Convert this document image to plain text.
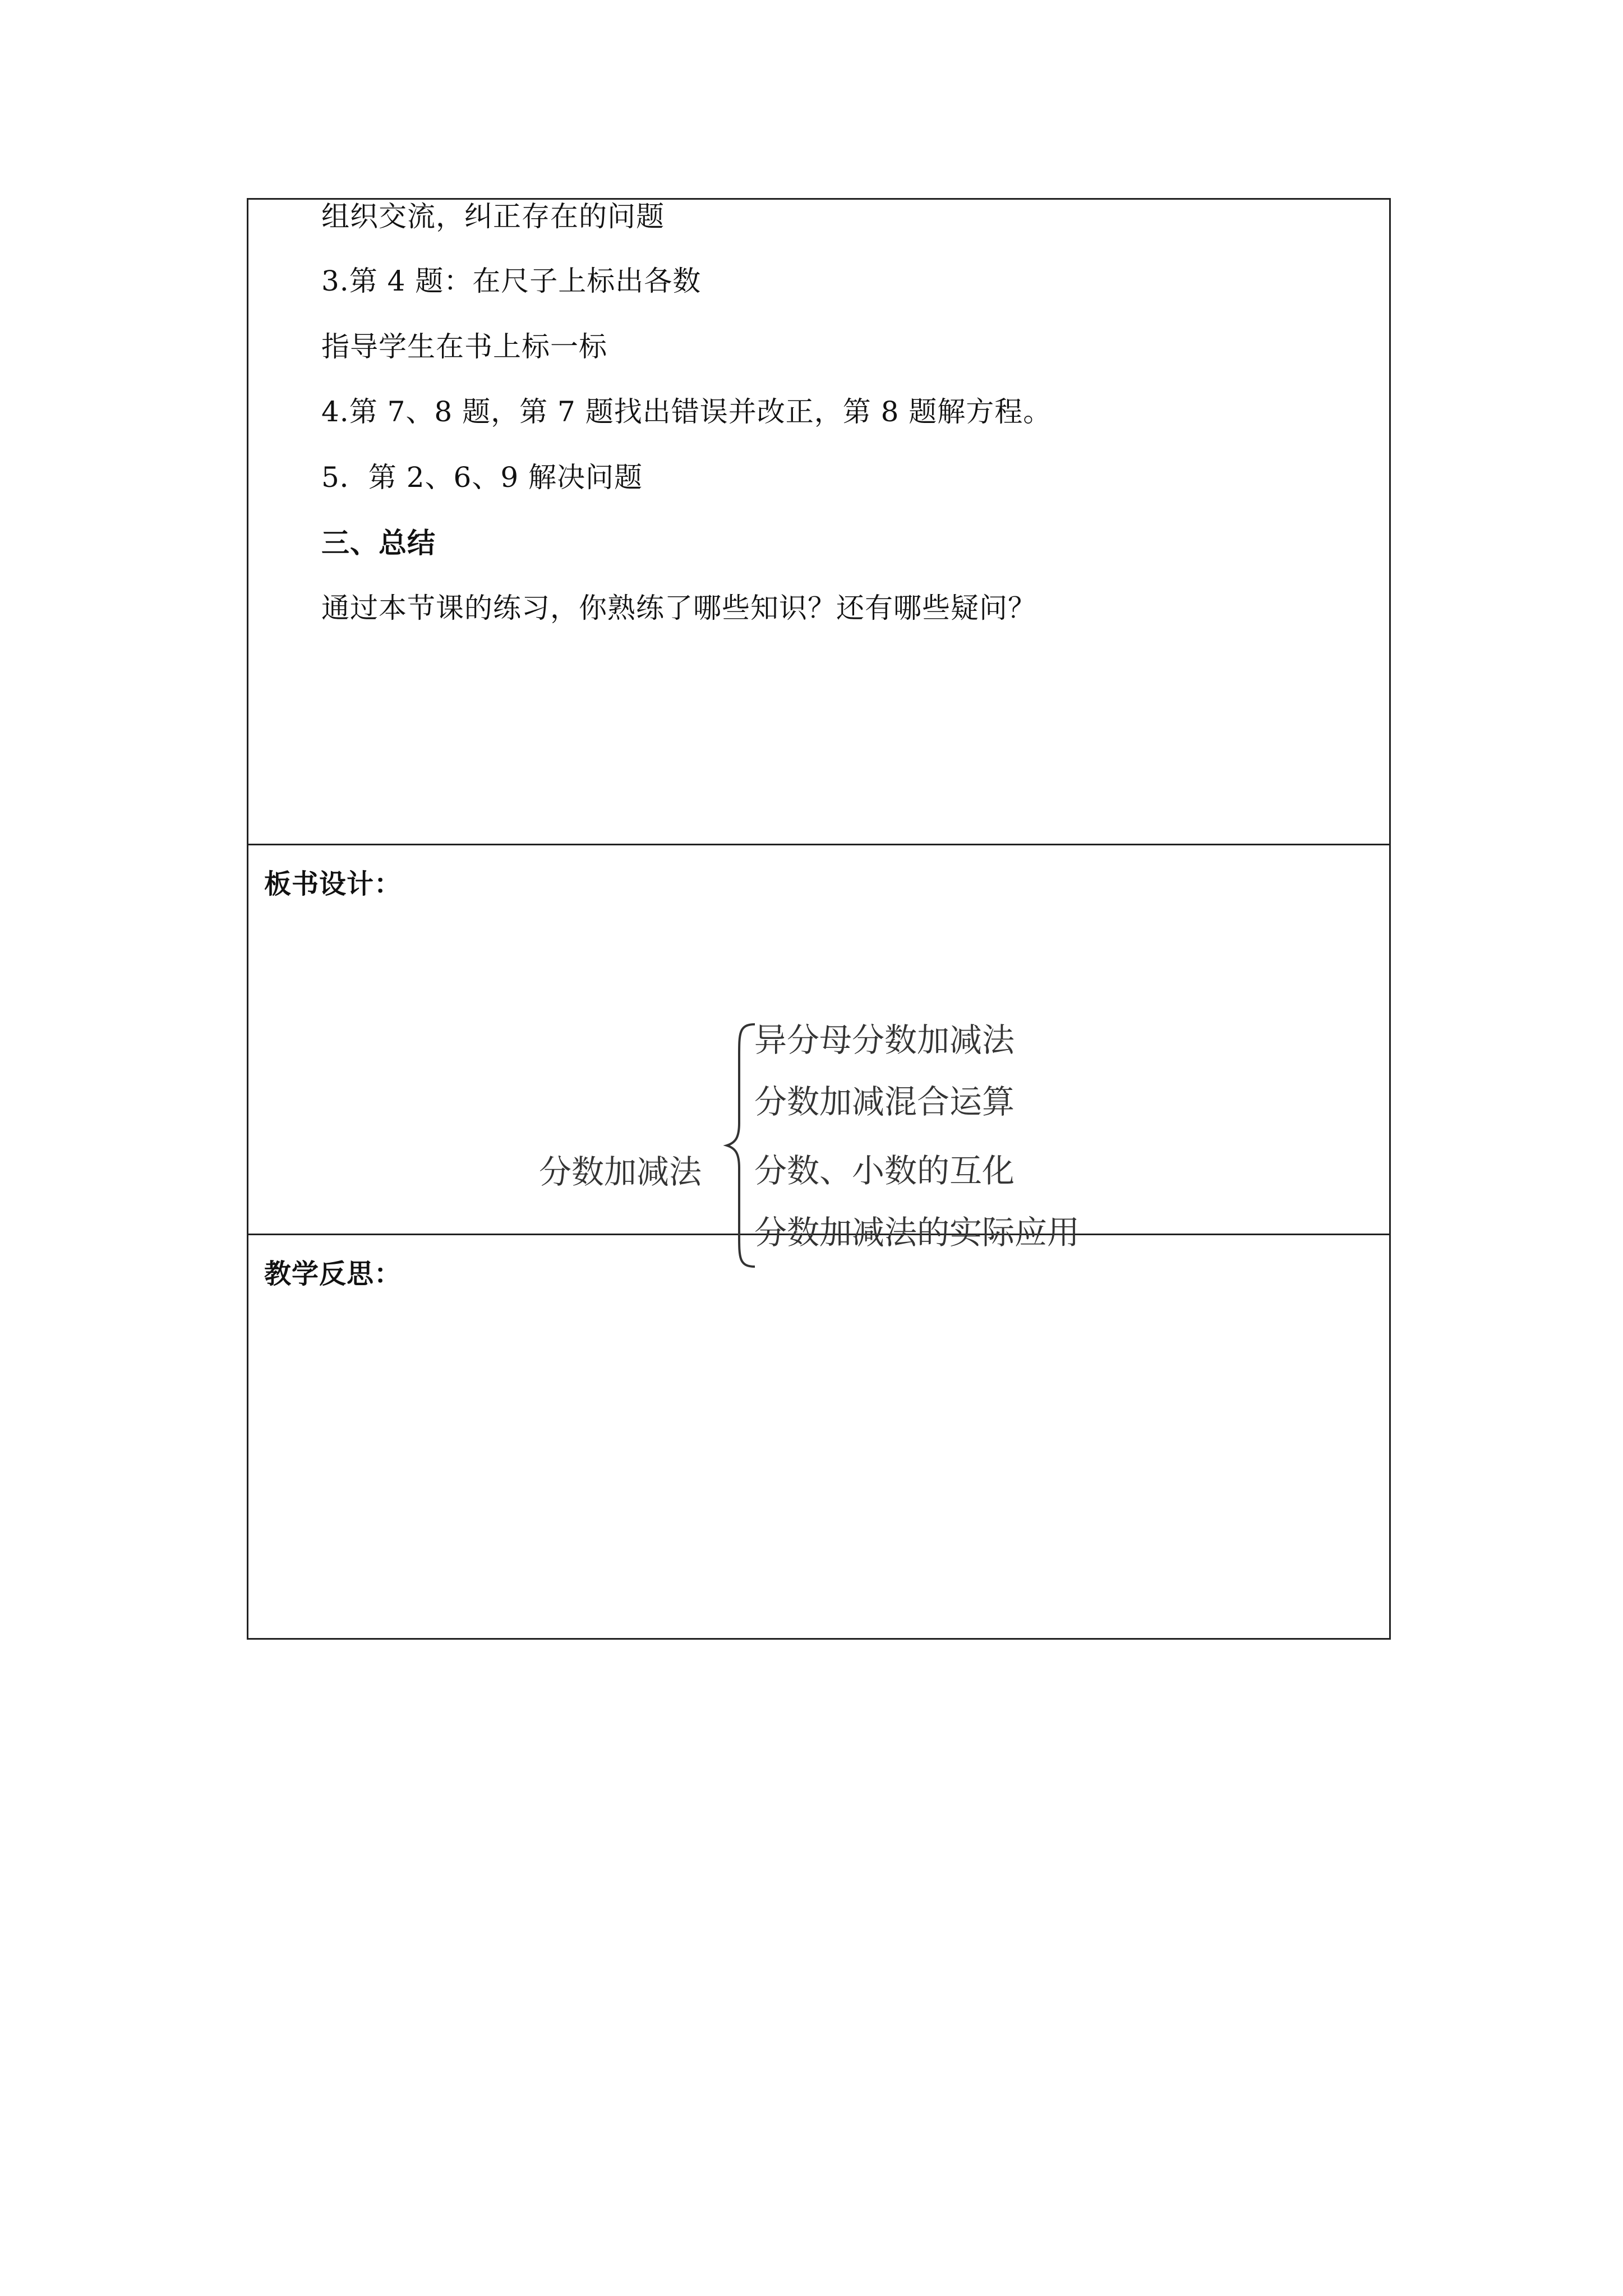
组织交流，纠正存在的问题
3.第 4 题：在尺子上标出各数
指导学生在书上标一标
4.第 7、8 题，第 7 题找出错误并改正，第 8 题解方程。
5．第 2、6、9 解决问题
三、总结
通过本节课的练习，你熟练了哪些知识？还有哪些疑问？
板书设计：
分数加减法
异分母分数加减法
分数加减混合运算
分数、小数的互化
分数加减法的实际应用
教学反思：
